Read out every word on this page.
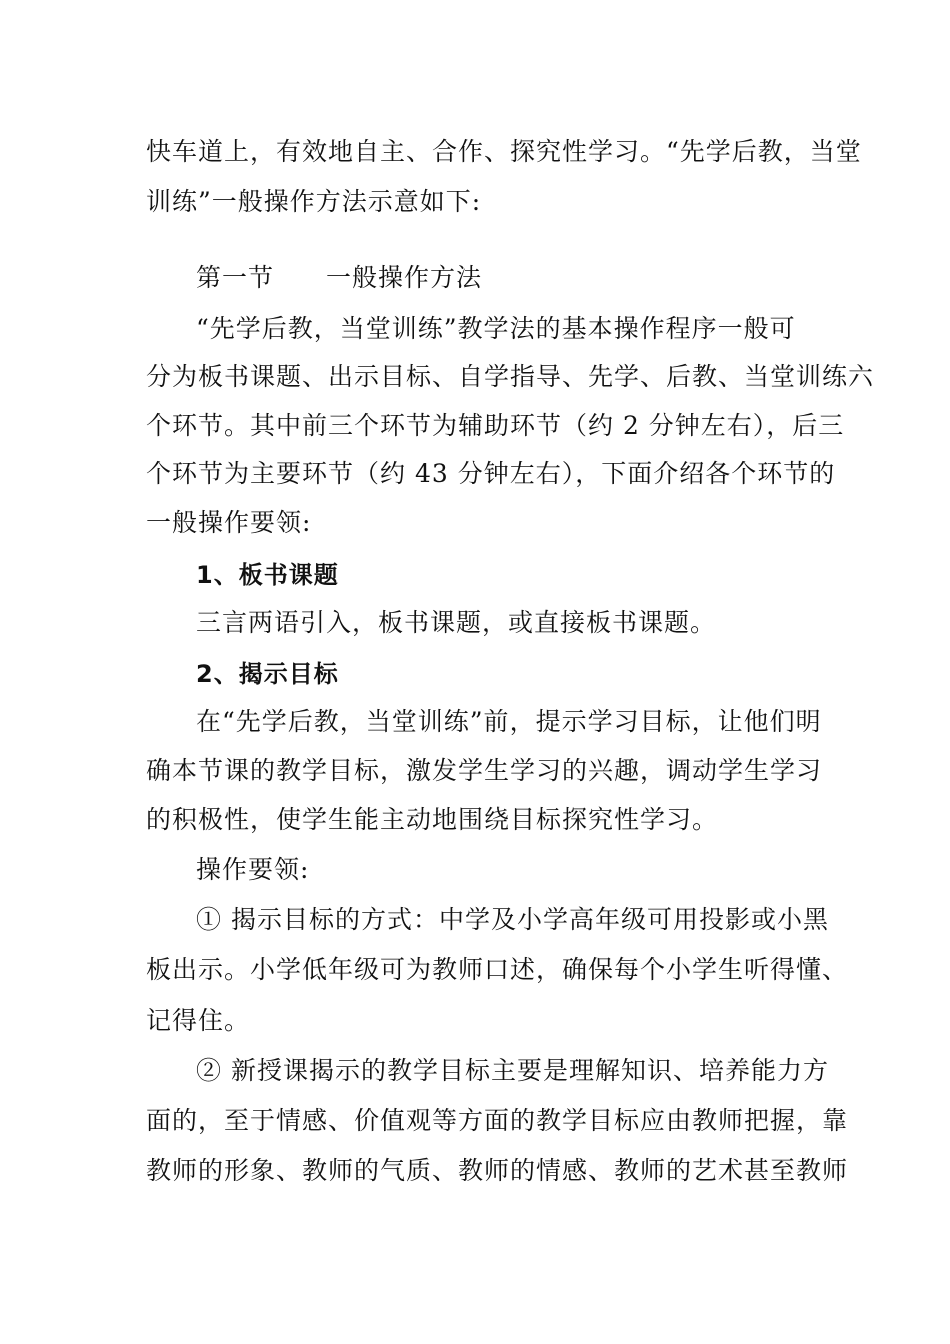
快车道上，有效地自主、合作、探究性学习。“先学后教，当堂
训练”一般操作方法示意如下:
第一节　　一般操作方法
“先学后教，当堂训练”教学法的基本操作程序一般可
分为板书课题、出示目标、自学指导、先学、后教、当堂训练六
个环节。其中前三个环节为辅助环节（约 2 分钟左右），后三
个环节为主要环节（约 43 分钟左右），下面介绍各个环节的
一般操作要领:
1、板书课题
三言两语引入，板书课题，或直接板书课题。
2、揭示目标
在“先学后教，当堂训练”前，提示学习目标，让他们明
确本节课的教学目标，激发学生学习的兴趣，调动学生学习
的积极性，使学生能主动地围绕目标探究性学习。
操作要领:
① 揭示目标的方式：中学及小学高年级可用投影或小黑
板出示。小学低年级可为教师口述，确保每个小学生听得懂、
记得住。
② 新授课揭示的教学目标主要是理解知识、培养能力方
面的，至于情感、价值观等方面的教学目标应由教师把握，靠
教师的形象、教师的气质、教师的情感、教师的艺术甚至教师
